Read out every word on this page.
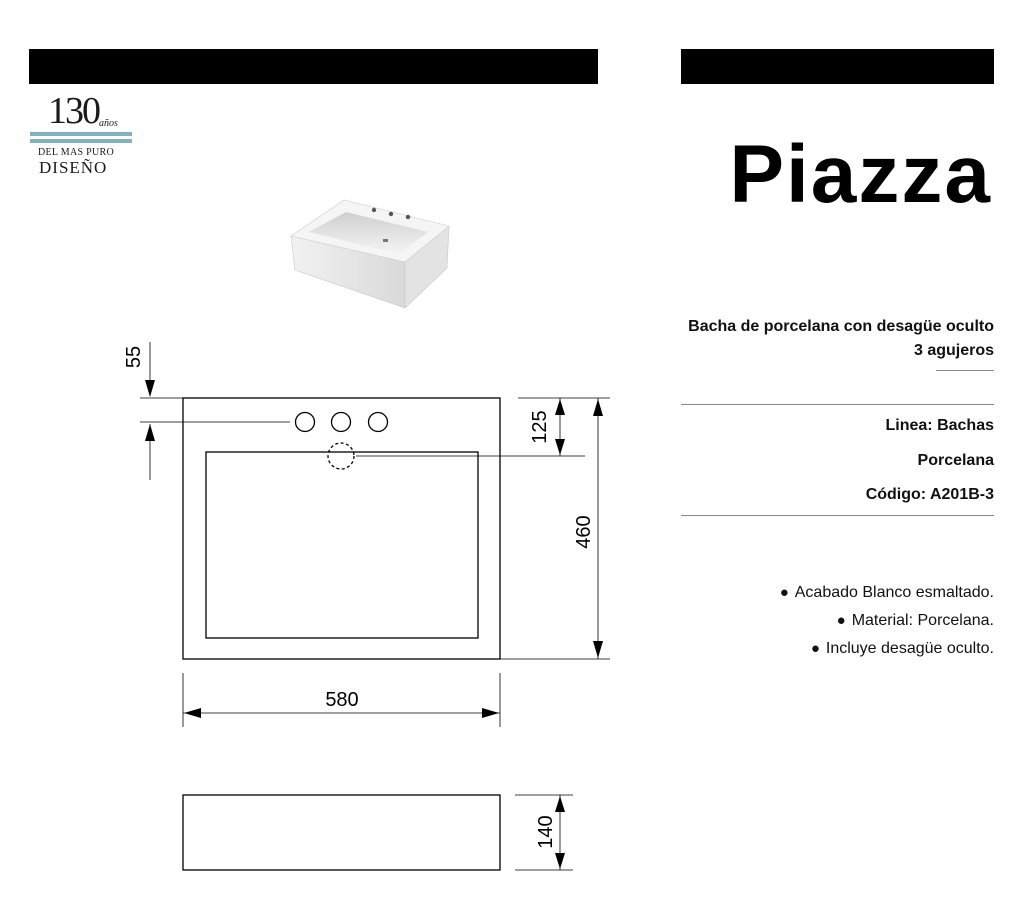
130 años
DEL MAS PURO
DISEÑO	Piazza
Bacha de porcelana con desagüe oculto
3 agujeros
Linea: Bachas
Porcelana
Código: A201B-3
● Acabado Blanco esmaltado.
● Material: Porcelana.
● Incluye desagüe oculto.
55
125
460
580
140
